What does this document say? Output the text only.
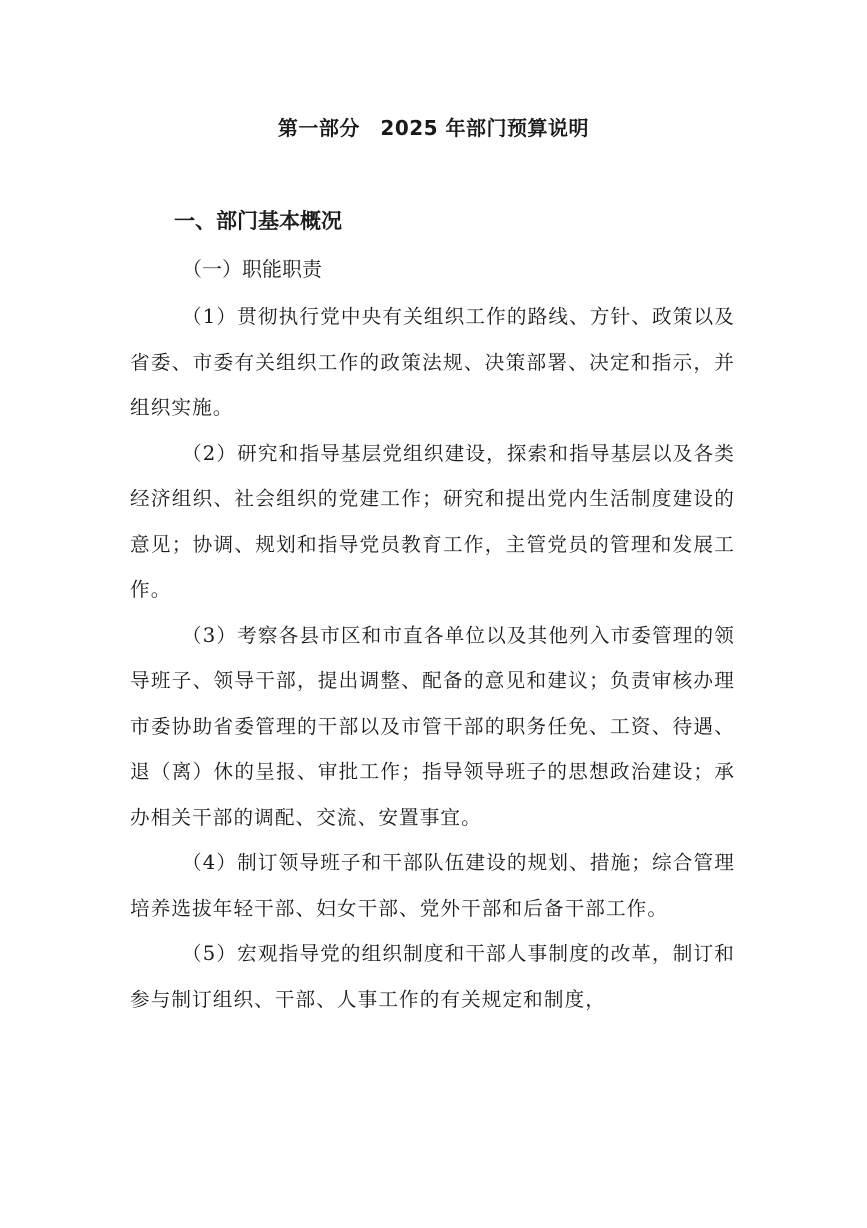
第一部分　2025 年部门预算说明
一、部门基本概况
（一）职能职责

（1）贯彻执行党中央有关组织工作的路线、方针、政策以及省委、市委有关组织工作的政策法规、决策部署、决定和指示，并组织实施。

（2）研究和指导基层党组织建设，探索和指导基层以及各类经济组织、社会组织的党建工作；研究和提出党内生活制度建设的意见；协调、规划和指导党员教育工作，主管党员的管理和发展工作。

（3）考察各县市区和市直各单位以及其他列入市委管理的领导班子、领导干部，提出调整、配备的意见和建议；负责审核办理市委协助省委管理的干部以及市管干部的职务任免、工资、待遇、退（离）休的呈报、审批工作；指导领导班子的思想政治建设；承办相关干部的调配、交流、安置事宜。

（4）制订领导班子和干部队伍建设的规划、措施；综合管理培养选拔年轻干部、妇女干部、党外干部和后备干部工作。

（5）宏观指导党的组织制度和干部人事制度的改革，制订和参与制订组织、干部、人事工作的有关规定和制度，
